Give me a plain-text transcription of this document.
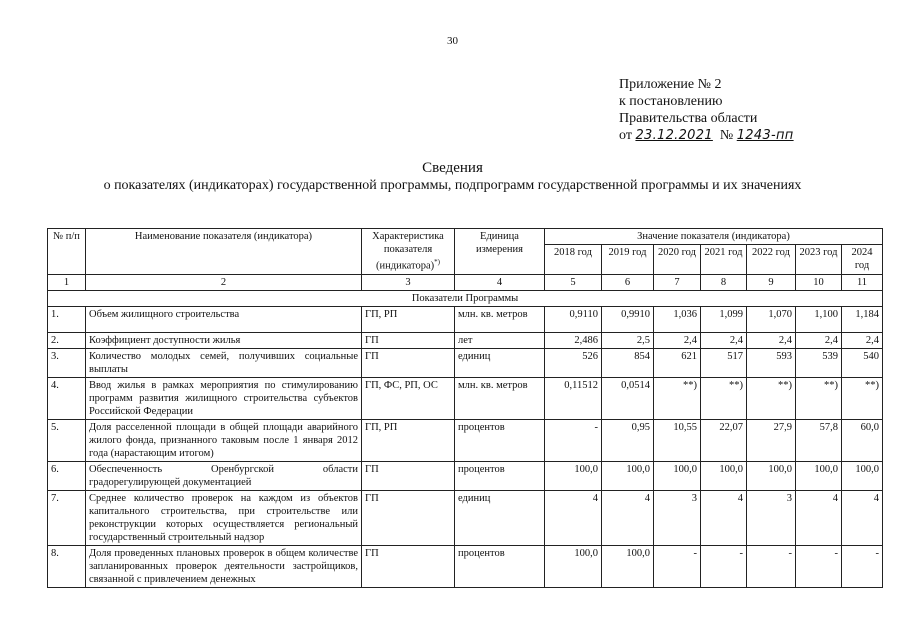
30
Приложение № 2
к постановлению
Правительства области
от 23.12.2021 № 1243-пп
Сведения
о показателях (индикаторах) государственной программы, подпрограмм государственной программы и их значениях
№ п/п	Наименование показателя (индикатора)	Характеристика показателя (индикатора)*)	Единица измерения	Значение показателя (индикатора)						
				2018 год	2019 год	2020 год	2021 год	2022 год	2023 год	2024 год
1	2	3	4	5	6	7	8	9	10	11
Показатели Программы										
1.	Объем жилищного строительства	ГП, РП	млн. кв. метров	0,9110	0,9910	1,036	1,099	1,070	1,100	1,184
2.	Коэффициент доступности жилья	ГП	лет	2,486	2,5	2,4	2,4	2,4	2,4	2,4
3.	Количество молодых семей, получивших социальные выплаты	ГП	единиц	526	854	621	517	593	539	540
4.	Ввод жилья в рамках мероприятия по стимулированию программ развития жилищного строительства субъектов Российской Федерации	ГП, ФС, РП, ОС	млн. кв. метров	0,11512	0,0514	**)	**)	**)	**)	**)
5.	Доля расселенной площади в общей площади аварийного жилого фонда, признанного таковым после 1 января 2012 года (нарастающим итогом)	ГП, РП	процентов	-	0,95	10,55	22,07	27,9	57,8	60,0
6.	Обеспеченность Оренбургской области градорегулирующей документацией	ГП	процентов	100,0	100,0	100,0	100,0	100,0	100,0	100,0
7.	Среднее количество проверок на каждом из объектов капитального строительства, при строительстве или реконструкции которых осуществляется региональный государственный строительный надзор	ГП	единиц	4	4	3	4	3	4	4
8.	Доля проведенных плановых проверок в общем количестве запланированных проверок деятельности застройщиков, связанной с привлечением денежных	ГП	процентов	100,0	100,0	-	-	-	-	-
